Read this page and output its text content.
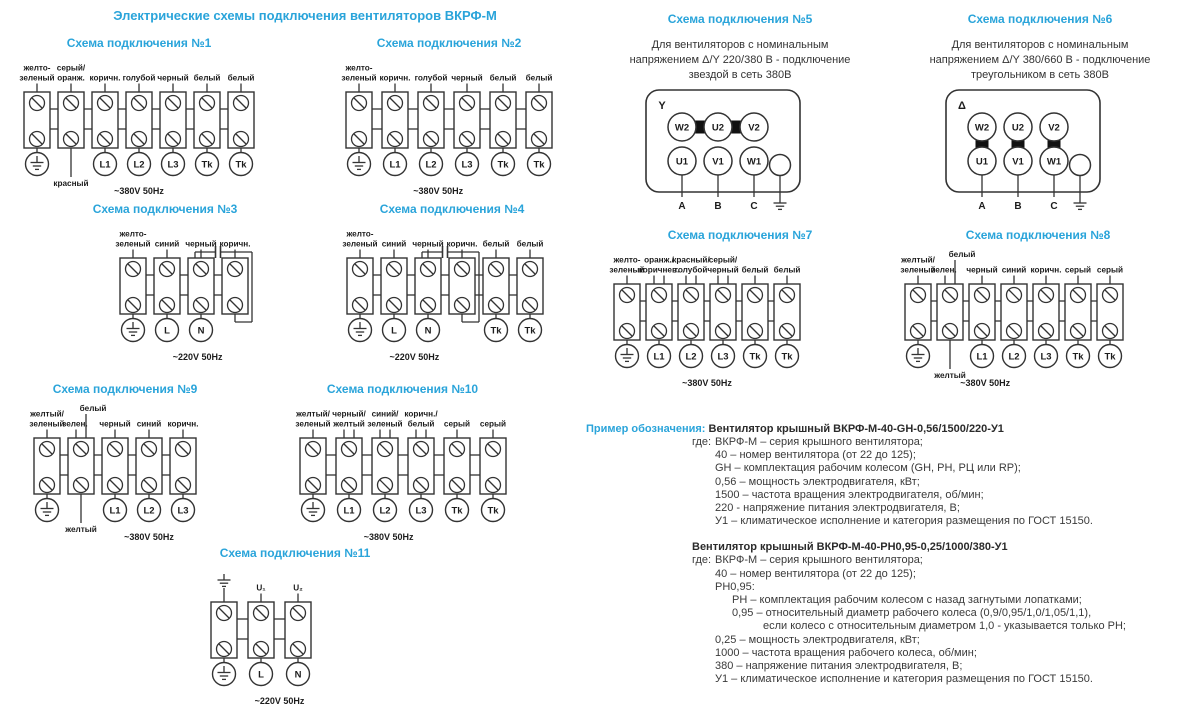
Электрические схемы подключения вентиляторов ВКРФ-М
Схема подключения №1
желто-
зеленый
серый/
оранж.
красный
коричн.
L1
голубой
L2
черный
L3
белый
Tk
белый
Tk
~380V 50Hz
Схема подключения №2
желто-
зеленый коричн.
L1
голубой
L2
черный
L3
белый
Tk
белый
Tk
~380V 50Hz
Схема подключения №3
желто-
зеленый синий
L
черный
N
коричн.
~220V 50Hz
Схема подключения №4
желто-
зеленый синий
L
черный
N
коричн. белый
Tk
белый
Tk
~220V 50Hz
Схема подключения №5
Для вентиляторов с номинальным
напряжением Δ/Y 220/380 В - подключение
звездой в сеть 380В
Y
W2
U1
A
U2
V1
B
V2
W1
C
Схема подключения №6
Для вентиляторов с номинальным
напряжением Δ/Y 380/660 В - подключение
треугольником в сеть 380В
Δ
W2
U1
A
U2
V1
B
V2
W1
C
Схема подключения №7
желто-
зеленый
оранж./
коричнев.
L1
красный/
голубой
L2
серый/
черный
L3
белый
Tk
белый
Tk
~380V 50Hz
Схема подключения №8
желтый/
зеленый
белый
зелен.
желтый
черный
L1
синий
L2
коричн.
L3
серый
Tk
серый
Tk
~380V 50Hz
Схема подключения №9
желтый/
зеленый
белый
зелен.
желтый
черный
L1
синий
L2
коричн.
L3
~380V 50Hz
Схема подключения №10
желтый/
зеленый
черный/
желтый
L1
синий/
зеленый
L2
коричн./
белый
L3
серый
Tk
серый
Tk
~380V 50Hz
Схема подключения №11
U₁
L
U₂
N
~220V 50Hz
Пример обозначения: Вентилятор крышный ВКРФ-М-40-GH-0,56/1500/220-У1
где: ВКРФ-М – серия крышного вентилятора;
40 – номер вентилятора (от 22 до 125);
GH – комплектация рабочим колесом (GH, РН, РЦ или RP);
0,56 – мощность электродвигателя, кВт;
1500 – частота вращения электродвигателя, об/мин;
220 - напряжение питания электродвигателя, В;
У1 – климатическое исполнение и категория размещения по ГОСТ 15150.
Вентилятор крышный ВКРФ-М-40-РН0,95-0,25/1000/380-У1
где: ВКРФ-М – серия крышного вентилятора;
40 – номер вентилятора (от 22 до 125);
РН0,95:
РН – комплектация рабочим колесом с назад загнутыми лопатками;
0,95 – относительный диаметр рабочего колеса (0,9/0,95/1,0/1,05/1,1),
если колесо с относительным диаметром 1,0 - указывается только РН;
0,25 – мощность электродвигателя, кВт;
1000 – частота вращения рабочего колеса, об/мин;
380 – напряжение питания электродвигателя, В;
У1 – климатическое исполнение и категория размещения по ГОСТ 15150.
